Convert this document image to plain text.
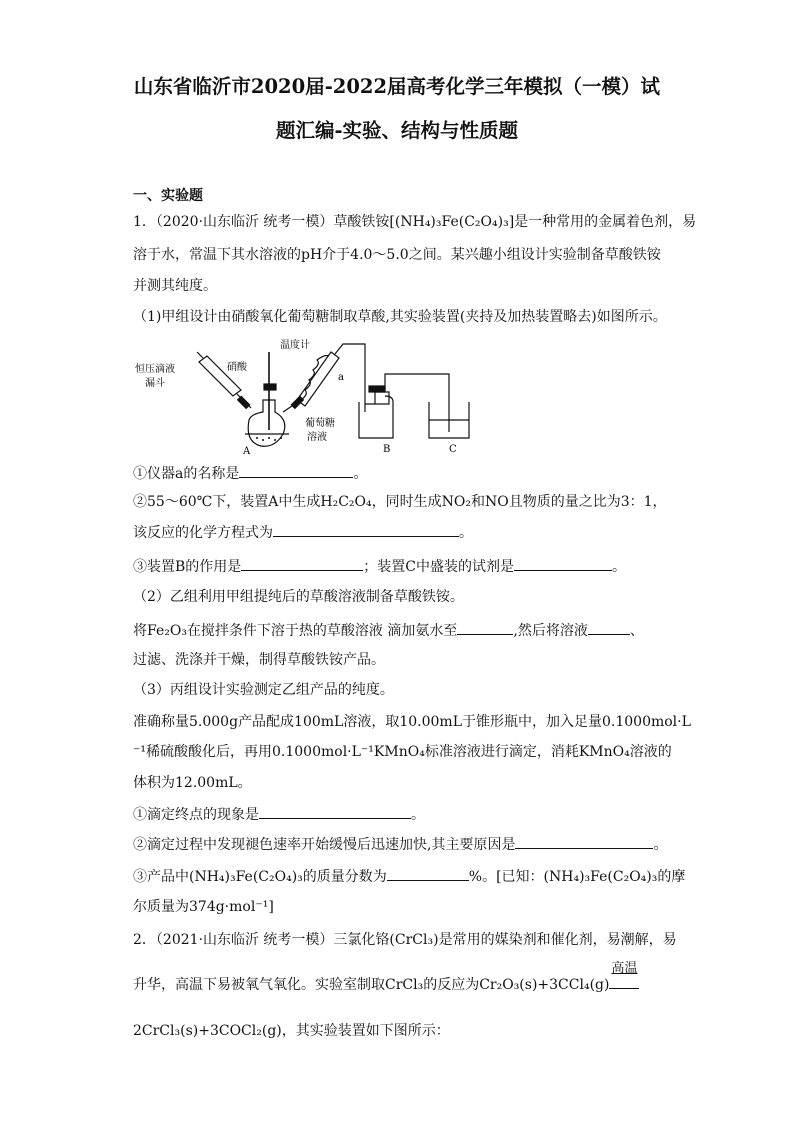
山东省临沂市2020届-2022届高考化学三年模拟（一模）试
题汇编-实验、结构与性质题
一、实验题
1．（2020·山东临沂 统考一模）草酸铁铵[(NH₄)₃Fe(C₂O₄)₃]是一种常用的金属着色剂，易
溶于水，常温下其水溶液的pH介于4.0～5.0之间。某兴趣小组设计实验制备草酸铁铵
并测其纯度。
（1)甲组设计由硝酸氧化葡萄糖制取草酸,其实验装置(夹持及加热装置略去)如图所示。
恒压滴液
漏斗
硝酸
温度计
a
葡萄糖
溶液
A	B	C
①仪器a的名称是	。
②55～60℃下，装置A中生成H₂C₂O₄，同时生成NO₂和NO且物质的量之比为3：1，
该反应的化学方程式为	。
③装置B的作用是	；装置C中盛装的试剂是	。
（2）乙组利用甲组提纯后的草酸溶液制备草酸铁铵。
将Fe₂O₃在搅拌条件下溶于热的草酸溶液 滴加氨水至	,然后将溶液	、
过滤、洗涤并干燥，制得草酸铁铵产品。
（3）丙组设计实验测定乙组产品的纯度。
准确称量5.000g产品配成100mL溶液，取10.00mL于锥形瓶中，加入足量0.1000mol·L
⁻¹稀硫酸酸化后，再用0.1000mol·L⁻¹KMnO₄标准溶液进行滴定，消耗KMnO₄溶液的
体积为12.00mL。
①滴定终点的现象是	。
②滴定过程中发现褪色速率开始缓慢后迅速加快,其主要原因是	。
③产品中(NH₄)₃Fe(C₂O₄)₃的质量分数为	%。[已知：(NH₄)₃Fe(C₂O₄)₃的摩
尔质量为374g·mol⁻¹]
2．（2021·山东临沂 统考一模）三氯化铬(CrCl₃)是常用的媒染剂和催化剂，易潮解，易
升华，高温下易被氧气氧化。实验室制取CrCl₃的反应为Cr₂O₃(s)+3CCl₄(g)
高温
2CrCl₃(s)+3COCl₂(g)，其实验装置如下图所示：
